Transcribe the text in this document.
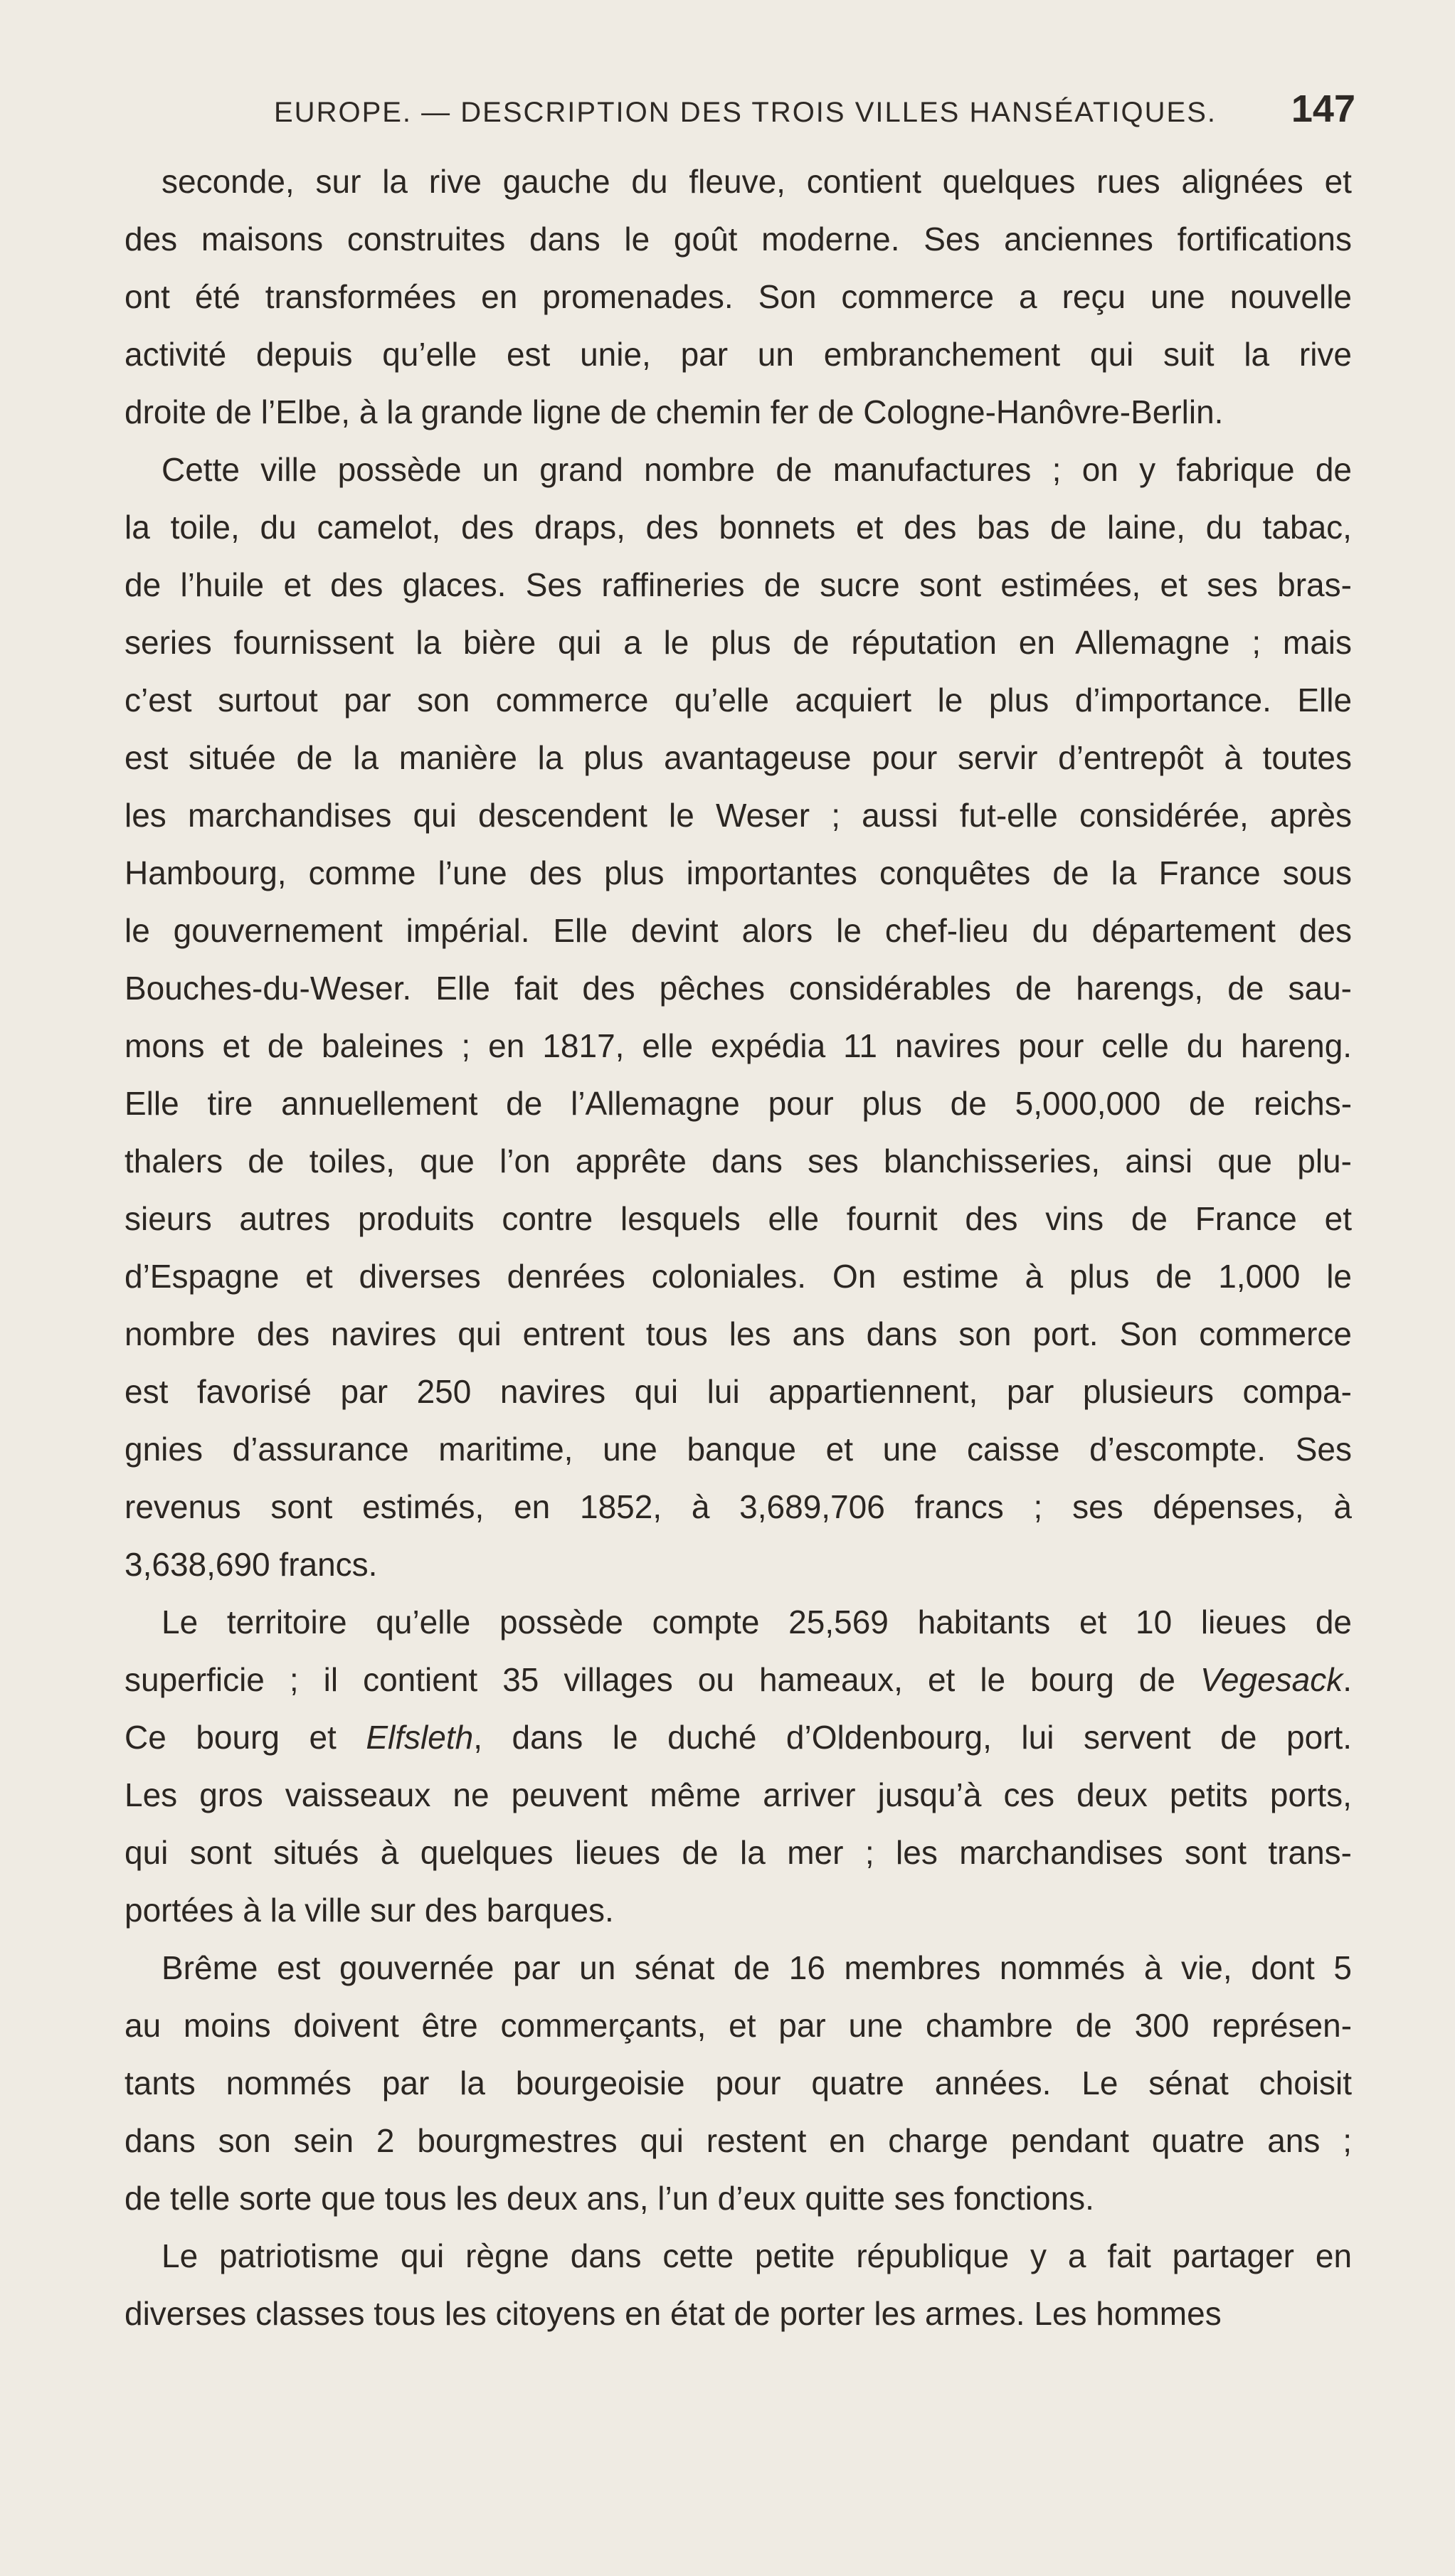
EUROPE. — DESCRIPTION DES TROIS VILLES HANSÉATIQUES.	147
seconde, sur la rive gauche du fleuve, contient quelques rues alignées et
des maisons construites dans le goût moderne. Ses anciennes fortifications
ont été transformées en promenades. Son commerce a reçu une nouvelle
activité depuis qu’elle est unie, par un embranchement qui suit la rive
droite de l’Elbe, à la grande ligne de chemin fer de Cologne-Hanôvre-Berlin.
Cette ville possède un grand nombre de manufactures ; on y fabrique de
la toile, du camelot, des draps, des bonnets et des bas de laine, du tabac,
de l’huile et des glaces. Ses raffineries de sucre sont estimées, et ses bras-
series fournissent la bière qui a le plus de réputation en Allemagne ; mais
c’est surtout par son commerce qu’elle acquiert le plus d’importance. Elle
est située de la manière la plus avantageuse pour servir d’entrepôt à toutes
les marchandises qui descendent le Weser ; aussi fut-elle considérée, après
Hambourg, comme l’une des plus importantes conquêtes de la France sous
le gouvernement impérial. Elle devint alors le chef-lieu du département des
Bouches-du-Weser. Elle fait des pêches considérables de harengs, de sau-
mons et de baleines ; en 1817, elle expédia 11 navires pour celle du hareng.
Elle tire annuellement de l’Allemagne pour plus de 5,000,000 de reichs-
thalers de toiles, que l’on apprête dans ses blanchisseries, ainsi que plu-
sieurs autres produits contre lesquels elle fournit des vins de France et
d’Espagne et diverses denrées coloniales. On estime à plus de 1,000 le
nombre des navires qui entrent tous les ans dans son port. Son commerce
est favorisé par 250 navires qui lui appartiennent, par plusieurs compa-
gnies d’assurance maritime, une banque et une caisse d’escompte. Ses
revenus sont estimés, en 1852, à 3,689,706 francs ; ses dépenses, à
3,638,690 francs.
Le territoire qu’elle possède compte 25,569 habitants et 10 lieues de
superficie ; il contient 35 villages ou hameaux, et le bourg de Vegesack.
Ce bourg et Elfsleth, dans le duché d’Oldenbourg, lui servent de port.
Les gros vaisseaux ne peuvent même arriver jusqu’à ces deux petits ports,
qui sont situés à quelques lieues de la mer ; les marchandises sont trans-
portées à la ville sur des barques.
Brême est gouvernée par un sénat de 16 membres nommés à vie, dont 5
au moins doivent être commerçants, et par une chambre de 300 représen-
tants nommés par la bourgeoisie pour quatre années. Le sénat choisit
dans son sein 2 bourgmestres qui restent en charge pendant quatre ans ;
de telle sorte que tous les deux ans, l’un d’eux quitte ses fonctions.
Le patriotisme qui règne dans cette petite république y a fait partager en
diverses classes tous les citoyens en état de porter les armes. Les hommes
